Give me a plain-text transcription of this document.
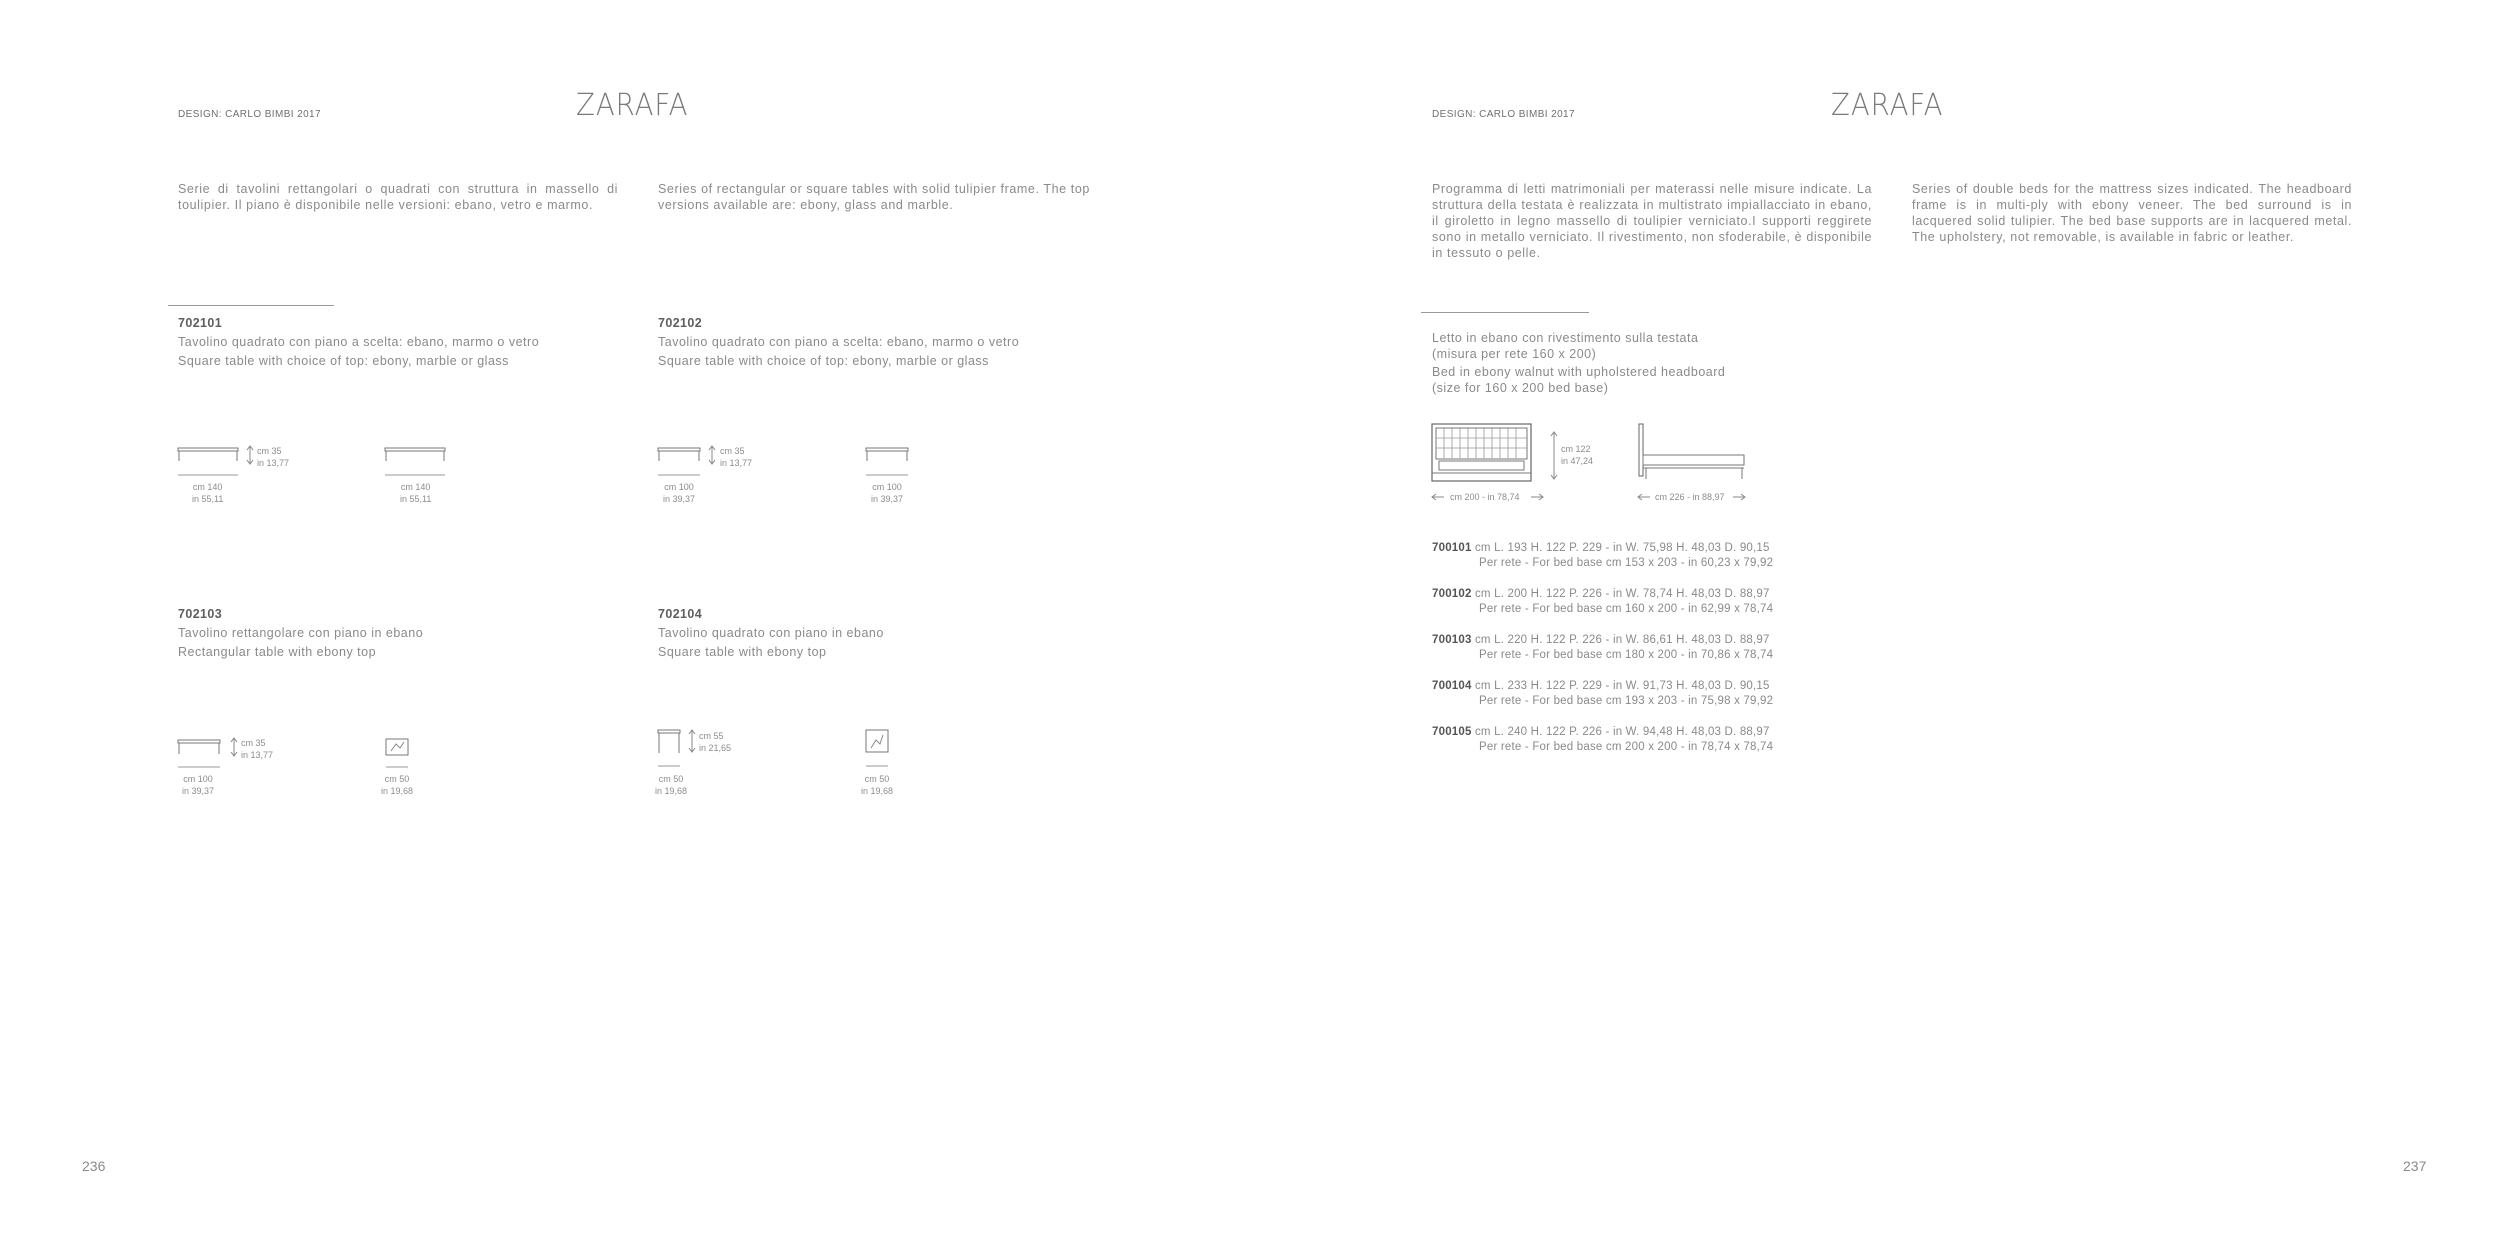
DESIGN: CARLO BIMBI 2017	ZARAFA
Serie di tavolini rettangolari o quadrati con struttura in massello di toulipier. Il piano è disponibile nelle versioni: ebano, vetro e marmo.
Series of rectangular or square tables with solid tulipier frame. The top versions available are: ebony, glass and marble.
702101
Tavolino quadrato con piano a scelta: ebano, marmo o vetro
Square table with choice of top: ebony, marble or glass
cm 35
in 13,77
cm 140
in 55,11
cm 140
in 55,11
702102
Tavolino quadrato con piano a scelta: ebano, marmo o vetro
Square table with choice of top: ebony, marble or glass
cm 35
in 13,77
cm 100
in 39,37
cm 100
in 39,37
702103
Tavolino rettangolare con piano in ebano
Rectangular table with ebony top
cm 35
in 13,77
cm 100
in 39,37
cm 50
in 19,68
702104
Tavolino quadrato con piano in ebano
Square table with ebony top
cm 55
in 21,65
cm 50
in 19,68
cm 50
in 19,68
236
DESIGN: CARLO BIMBI 2017	ZARAFA
Programma di letti matrimoniali per materassi nelle misure indicate. La struttura della testata è realizzata in multistrato impiallacciato in ebano, il giroletto in legno massello di toulipier verniciato.I supporti reggirete sono in metallo verniciato. Il rivestimento, non sfoderabile, è disponibile in tessuto o pelle.
Series of double beds for the mattress sizes indicated. The headboard frame is in multi-ply with ebony veneer. The bed surround is in lacquered solid tulipier. The bed base supports are in lacquered metal. The upholstery, not removable, is available in fabric or leather.
Letto in ebano con rivestimento sulla testata
(misura per rete 160 x 200)
Bed in ebony walnut with upholstered headboard
(size for 160 x 200 bed base)
cm 122
in 47,24
cm 200 - in 78,74	cm 226 - in 88,97
700101 cm L. 193 H. 122 P. 229 - in W. 75,98 H. 48,03 D. 90,15
Per rete - For bed base cm 153 x 203 - in 60,23 x 79,92
700102 cm L. 200 H. 122 P. 226 - in W. 78,74 H. 48,03 D. 88,97
Per rete - For bed base cm 160 x 200 - in 62,99 x 78,74
700103 cm L. 220 H. 122 P. 226 - in W. 86,61 H. 48,03 D. 88,97
Per rete - For bed base cm 180 x 200 - in 70,86 x 78,74
700104 cm L. 233 H. 122 P. 229 - in W. 91,73 H. 48,03 D. 90,15
Per rete - For bed base cm 193 x 203 - in 75,98 x 79,92
700105 cm L. 240 H. 122 P. 226 - in W. 94,48 H. 48,03 D. 88,97
Per rete - For bed base cm 200 x 200 - in 78,74 x 78,74
237
